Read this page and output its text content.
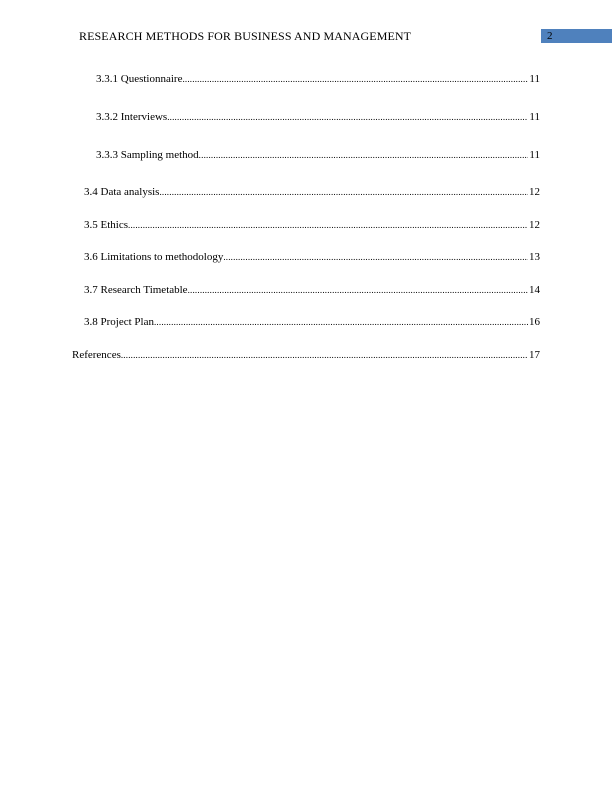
RESEARCH METHODS FOR BUSINESS AND MANAGEMENT	2
3.3.1 Questionnaire .....	11
3.3.2 Interviews .....	11
3.3.3 Sampling method .....	11
3.4 Data analysis .....	12
3.5 Ethics .....	12
3.6 Limitations to methodology .....	13
3.7 Research Timetable .....	14
3.8 Project Plan .....	16
References .....	17
